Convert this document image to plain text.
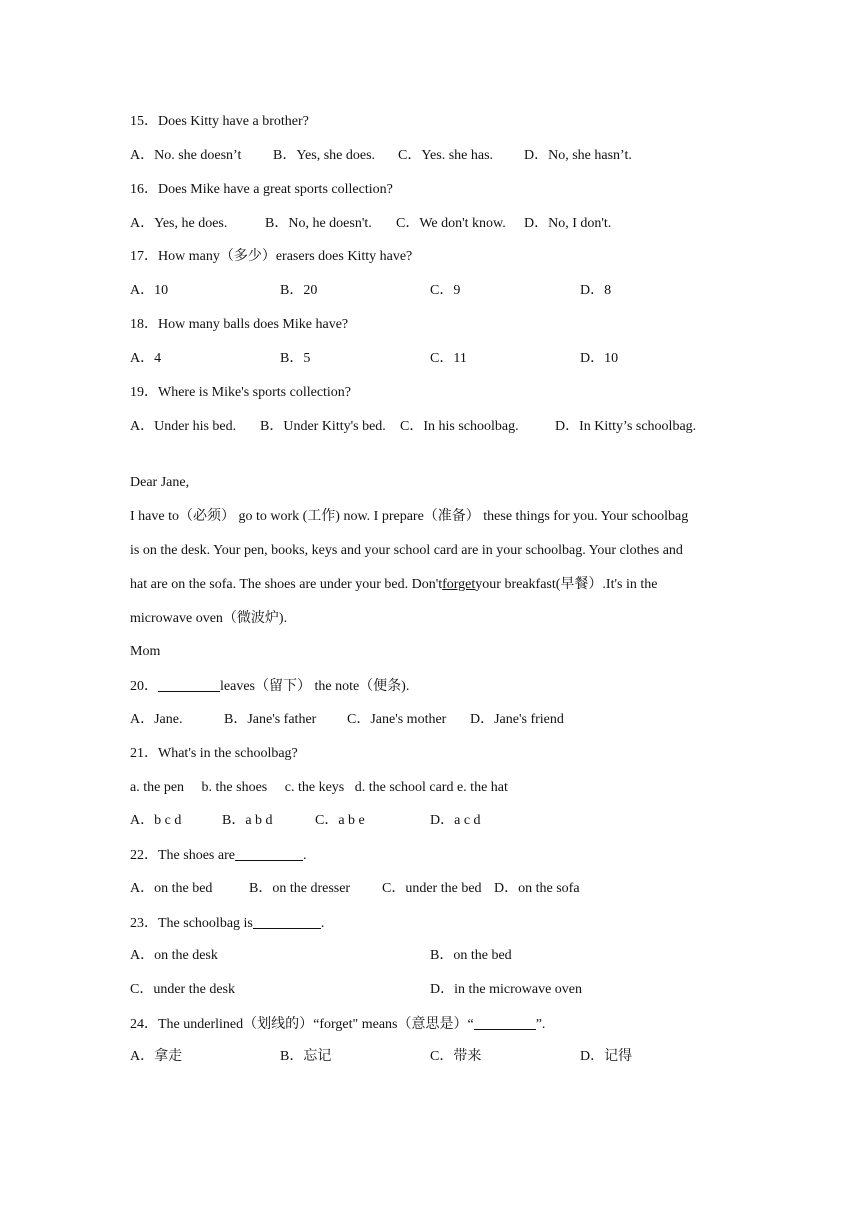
15．Does Kitty have a brother?
A．No. she doesn’t B．Yes, she does. C．Yes. she has. D．No, she hasn’t.
16．Does Mike have a great sports collection?
A．Yes, he does.	B．No, he doesn't. C．We don't know. D．No, I don't.
17．How many（多少）erasers does Kitty have?
A．10	B．20	C．9	D．8
18．How many balls does Mike have?
A．4	B．5	C．11	D．10
19．Where is Mike's sports collection?
A．Under his bed. B．Under Kitty's bed. C．In his schoolbag.	D．In Kitty’s schoolbag.
Dear Jane,
I have to（必须） go to work (工作) now. I prepare（准备） these things for you. Your schoolbag
is on the desk. Your pen, books, keys and your school card are in your schoolbag. Your clothes and
hat are on the sofa. The shoes are under your bed. Don'tforgetyour breakfast(早餐）.It's in the
microwave oven（微波炉).
Mom
20．	leaves（留下） the note（便条).
A．Jane.	B．Jane's father C．Jane's mother D．Jane's friend
21．What's in the schoolbag?
a. the pen     b. the shoes     c. the keys   d. the school card e. the hat
A．b c d	B．a b d	C．a b e	D．a c d
22．The shoes are	.
A．on the bed	B．on the dresser C．under the bed D．on the sofa
23．The schoolbag is	.
A．on the desk	B．on the bed
C．under the desk	D．in the microwave oven
24．The underlined（划线的）“forget" means（意思是）“	”.
A．拿走	B．忘记	C．带来	D．记得
